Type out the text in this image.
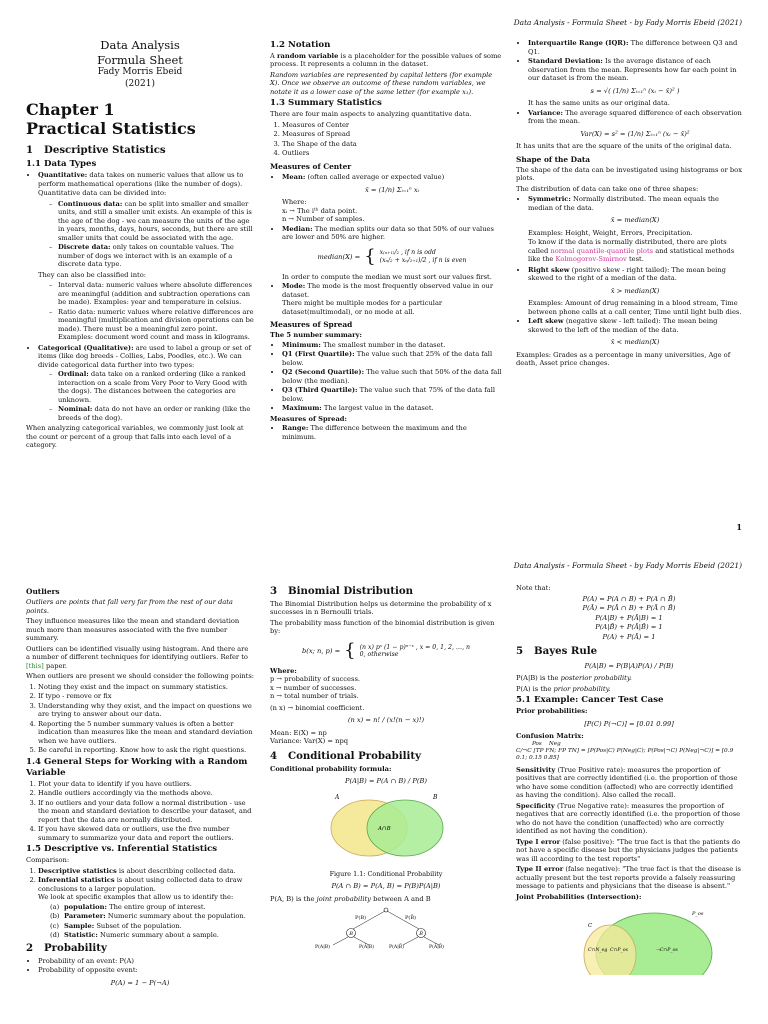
Data Analysis - Formula Sheet - by Fady Morris Ebeid (2021)
Data Analysis
Formula Sheet
Fady Morris Ebeid
(2021)
Chapter 1
Practical Statistics
1 Descriptive Statistics
1.1 Data Types
• Quantitative: data takes on numeric values that allow us to perform mathematical operations (like the number of dogs).
Quantitative data can be divided into:
– Continuous data: can be split into smaller and smaller units, and still a smaller unit exists. An example of this is the age of the dog - we can measure the units of the age in years, months, days, hours, seconds, but there are still smaller units that could be associated with the age.
– Discrete data: only takes on countable values. The number of dogs we interact with is an example of a discrete data type.
They can also be classified into:
– Interval data: numeric values where absolute differences are meaningful (addition and subtraction operations can be made). Examples: year and temperature in celsius.
– Ratio data: numeric values where relative differences are meaningful (multiplication and division operations can be made). There must be a meaningful zero point. Examples: document word count and mass in kilograms.
• Categorical (Qualitative): are used to label a group or set of items (like dog breeds - Collies, Labs, Poodles, etc.). We can divide categorical data further into two types:
– Ordinal: data take on a ranked ordering (like a ranked interaction on a scale from Very Poor to Very Good with the dogs). The distances between the categories are unknown.
– Nominal: data do not have an order or ranking (like the breeds of the dog).
When analyzing categorical variables, we commonly just look at the count or percent of a group that falls into each level of a category.
1.2 Notation
A random variable is a placeholder for the possible values of some process. It represents a column in the dataset.
Random variables are represented by capital letters (for example X). Once we observe an outcome of these random variables, we notate it as a lower case of the same letter (for example x₁).
1.3 Summary Statistics
There are four main aspects to analyzing quantitative data.
1. Measures of Center
2. Measures of Spread
3. The Shape of the data
4. Outliers
Measures of Center
• Mean: (often called average or expected value)
x̄ = (1/n) Σᵢ₌₁ⁿ xᵢ
Where:
xᵢ → The iᵗʰ data point.
n → Number of samples.
• Median: The median splits our data so that 50% of our values are lower and 50% are higher.
median(X) = { x₍ₙ₊₁₎/₂ , if n is odd
(xₙ/₂ + xₙ/₂₊₁)/2 , if n is even
In order to compute the median we must sort our values first.
• Mode: The mode is the most frequently observed value in our dataset.
There might be multiple modes for a particular dataset(multimodal), or no mode at all.
Measures of Spread
The 5 number summary:
• Minimum: The smallest number in the dataset.
• Q1 (First Quartile): The value such that 25% of the data fall below.
• Q2 (Second Quartile): The value such that 50% of the data fall below (the median).
• Q3 (Third Quartile): The value such that 75% of the data fall below.
• Maximum: The largest value in the dataset.
Measures of Spread:
• Range: The difference between the maximum and the minimum.
• Interquartile Range (IQR): The difference between Q3 and Q1.
• Standard Deviation: Is the average distance of each observation from the mean. Represents how far each point in our dataset is from the mean.
s = √( (1/n) Σᵢ₌₁ⁿ (xᵢ − x̄)² )
It has the same units as our original data.
• Variance: The average squared difference of each observation from the mean.
Var(X) = s² = (1/n) Σᵢ₌₁ⁿ (xᵢ − x̄)²
It has units that are the square of the units of the original data.
Shape of the Data
The shape of the data can be investigated using histograms or box plots.
The distribution of data can take one of three shapes:
• Symmetric: Normally distributed. The mean equals the median of the data.
x̄ = median(X)
Examples: Height, Weight, Errors, Precipitation.
To know if the data is normally distributed, there are plots called normal quantile-quantile plots and statistical methods like the Kolmogorov-Smirnov test.
• Right skew (positive skew - right tailed): The mean being skewed to the right of a median of the data.
x̄ > median(X)
Examples: Amount of drug remaining in a blood stream, Time between phone calls at a call center, Time until light bulb dies.
• Left skew (negative skew - left tailed): The mean being skewed to the left of the median of the data.
x̄ < median(X)
Examples: Grades as a percentage in many universities, Age of death, Asset price changes.
1
Data Analysis - Formula Sheet - by Fady Morris Ebeid (2021)
Outliers
Outliers are points that fall very far from the rest of our data points.
They influence measures like the mean and standard deviation much more than measures associated with the five number summary.
Outliers can be identified visually using histogram. And there are a number of different techniques for identifying outliers. Refer to [this] paper.
When outliers are present we should consider the following points:
1. Noting they exist and the impact on summary statistics.
2. If typo - remove or fix
3. Understanding why they exist, and the impact on questions we are trying to answer about our data.
4. Reporting the 5 number summary values is often a better indication than measures like the mean and standard deviation when we have outliers.
5. Be careful in reporting. Know how to ask the right questions.
1.4 General Steps for Working with a Random Variable
1. Plot your data to identify if you have outliers.
2. Handle outliers accordingly via the methods above.
3. If no outliers and your data follow a normal distribution - use the mean and standard deviation to describe your dataset, and report that the data are normally distributed.
4. If you have skewed data or outliers, use the five number summary to summarize your data and report the outliers.
1.5 Descriptive vs. Inferential Statistics
Comparison:
1. Descriptive statistics is about describing collected data.
2. Inferential statistics is about using collected data to draw conclusions to a larger population.
We look at specific examples that allow us to identify the:
(a) population: The entire group of interest.
(b) Parameter: Numeric summary about the population.
(c) Sample: Subset of the population.
(d) Statistic: Numeric summary about a sample.
2 Probability
• Probability of an event: P(A)
• Probability of opposite event:
P(A) = 1 − P(¬A)
3 Binomial Distribution
The Binomial Distribution helps us determine the probability of x successes in n Bernoulli trials.
The probability mass function of the binomial distribution is given by:
b(x; n, p) = { (n x) pˣ (1 − p)ⁿ⁻ˣ , x = 0, 1, 2, …, n
0, otherwise
Where:
p → probability of success.
x → number of successes.
n → total number of trials.
(n x) → binomial coefficient.
(n x) = n! / (x!(n − x)!)
Mean: E(X) = np
Variance: Var(X) = npq
4 Conditional Probability
Conditional probability formula:
P(A|B) = P(A ∩ B) / P(B)
A	B
A∩B
Figure 1.1: Conditional Probability
P(A ∩ B) = P(A, B) = P(B)P(A|B)
P(A, B) is the joint probability between A and B
P(B)	P(B̄)
B	B̄
P(A|B)	P(Ā|B)	P(A|B̄)	P(Ā|B̄)
Note that:
P(A) = P(A ∩ B) + P(A ∩ B̄)
P(Ā) = P(Ā ∩ B) + P(Ā ∩ B̄)
P(A|B) + P(Ā|B) = 1
P(A|B̄) + P(Ā|B̄) = 1
P(A) + P(Ā) = 1
5 Bayes Rule
P(A|B) = P(B|A)P(A) / P(B)
P(A|B) is the posterior probability.
P(A) is the prior probability.
5.1 Example: Cancer Test Case
Prior probabilities:
[P(C) P(¬C)] = [0.01 0.99]
Confusion Matrix:
Pos Neg
C/¬C [TP FN; FP TN] = [P(Pos|C) P(Neg|C); P(Pos|¬C) P(Neg|¬C)] = [0.9 0.1; 0.15 0.85]
Sensitivity (True Positive rate): measures the proportion of positives that are correctly identified (i.e. the proportion of those who have some condition (affected) who are correctly identified as having the condition). Also called the recall.
Specificity (True Negative rate): measures the proportion of negatives that are correctly identified (i.e. the proportion of those who do not have the condition (unaffected) who are correctly identified as not having the condition).
Type I error (false positive): "The true fact is that the patients do not have a specific disease but the physicians judges the patients was ill according to the test reports"
Type II error (false negative): "The true fact is that the disease is actually present but the test reports provide a falsely reassuring message to patients and physicians that the disease is absent."
Joint Probabilities (Intersection):
C
P_os
C∩N_eg C∩P_os	¬C∩P_os
